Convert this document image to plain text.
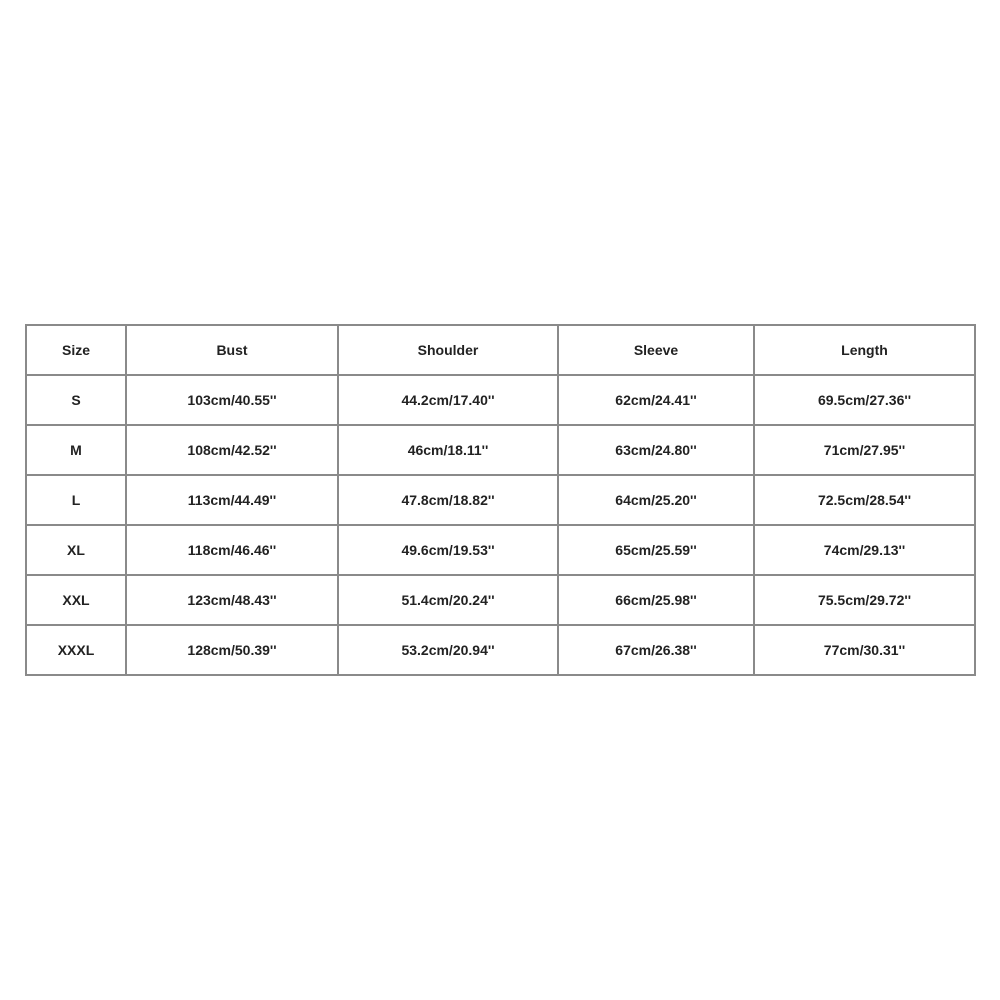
Size	Bust	Shoulder	Sleeve	Length
S	103cm/40.55''	44.2cm/17.40''	62cm/24.41''	69.5cm/27.36''
M	108cm/42.52''	46cm/18.11''	63cm/24.80''	71cm/27.95''
L	113cm/44.49''	47.8cm/18.82''	64cm/25.20''	72.5cm/28.54''
XL	118cm/46.46''	49.6cm/19.53''	65cm/25.59''	74cm/29.13''
XXL	123cm/48.43''	51.4cm/20.24''	66cm/25.98''	75.5cm/29.72''
XXXL	128cm/50.39''	53.2cm/20.94''	67cm/26.38''	77cm/30.31''
